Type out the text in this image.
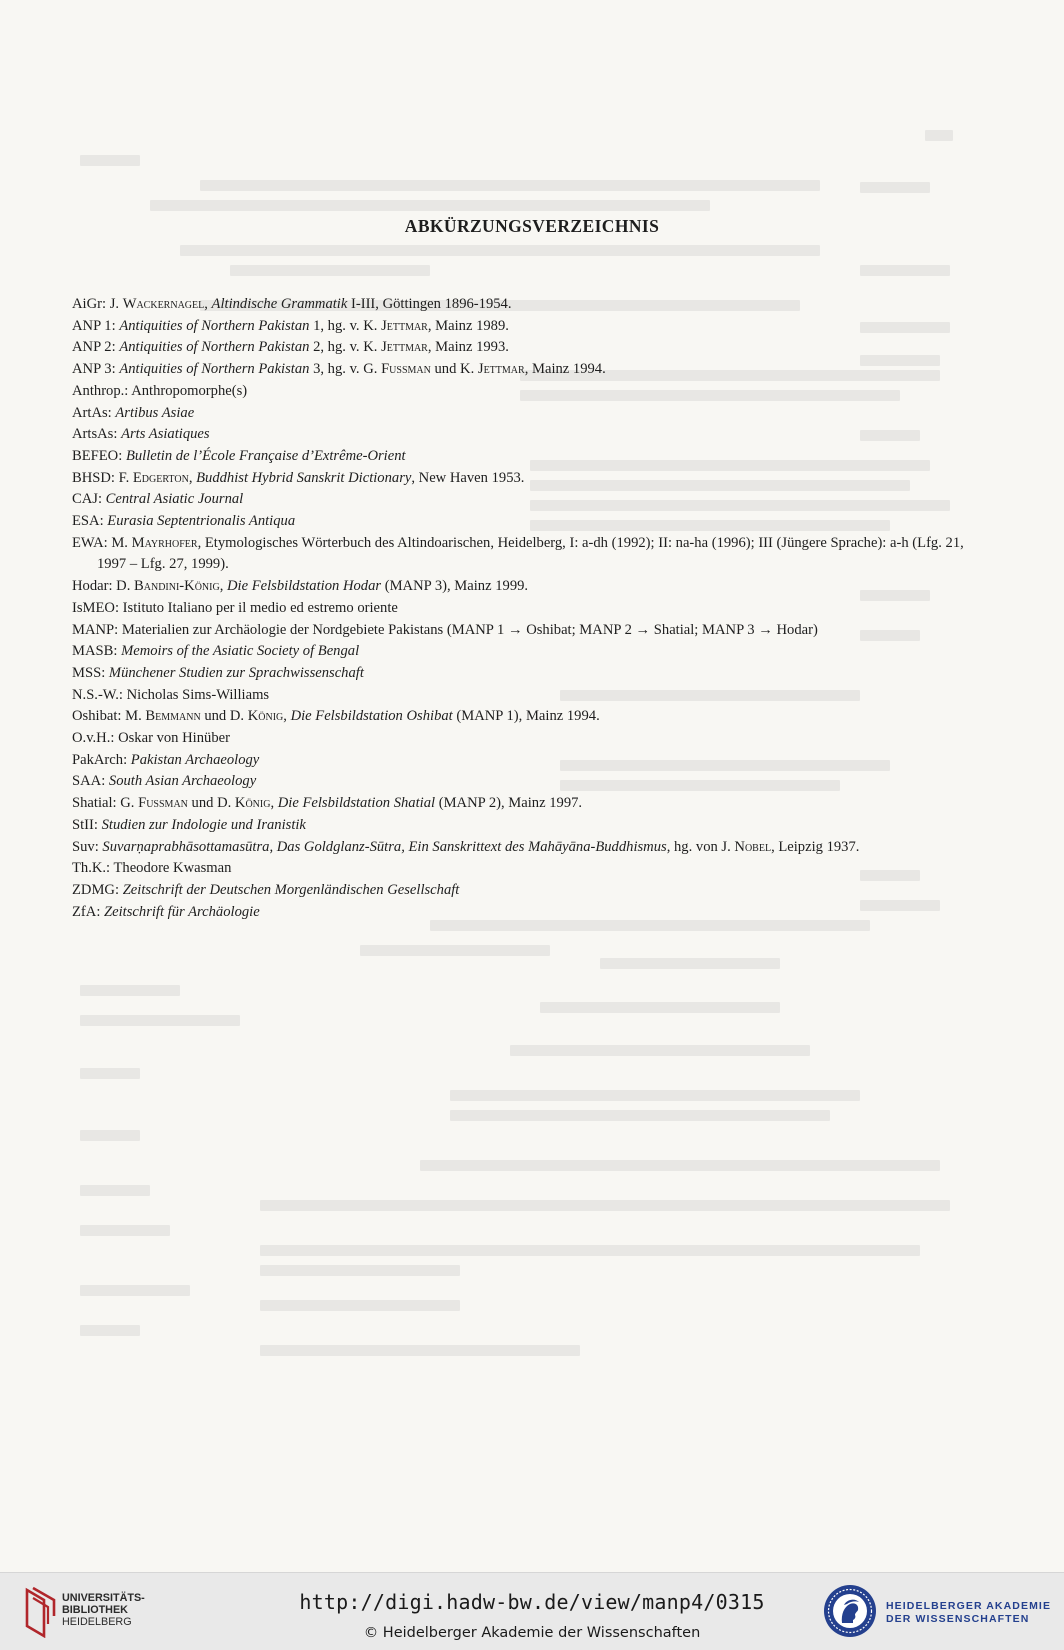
ABKÜRZUNGSVERZEICHNIS
AiGr: J. Wackernagel, Altindische Grammatik I-III, Göttingen 1896-1954.
ANP 1: Antiquities of Northern Pakistan 1, hg. v. K. Jettmar, Mainz 1989.
ANP 2: Antiquities of Northern Pakistan 2, hg. v. K. Jettmar, Mainz 1993.
ANP 3: Antiquities of Northern Pakistan 3, hg. v. G. Fussman und K. Jettmar, Mainz 1994.
Anthrop.: Anthropomorphe(s)
ArtAs: Artibus Asiae
ArtsAs: Arts Asiatiques
BEFEO: Bulletin de l’École Française d’Extrême-Orient
BHSD: F. Edgerton, Buddhist Hybrid Sanskrit Dictionary, New Haven 1953.
CAJ: Central Asiatic Journal
ESA: Eurasia Septentrionalis Antiqua
EWA: M. Mayrhofer, Etymologisches Wörterbuch des Altindoarischen, Heidelberg, I: a-dh (1992); II: na-ha (1996); III (Jüngere Sprache): a-h (Lfg. 21, 1997 – Lfg. 27, 1999).
Hodar: D. Bandini-König, Die Felsbildstation Hodar (MANP 3), Mainz 1999.
IsMEO: Istituto Italiano per il medio ed estremo oriente
MANP: Materialien zur Archäologie der Nordgebiete Pakistans (MANP 1 → Oshibat; MANP 2 → Shatial; MANP 3 → Hodar)
MASB: Memoirs of the Asiatic Society of Bengal
MSS: Münchener Studien zur Sprachwissenschaft
N.S.-W.: Nicholas Sims-Williams
Oshibat: M. Bemmann und D. König, Die Felsbildstation Oshibat (MANP 1), Mainz 1994.
O.v.H.: Oskar von Hinüber
PakArch: Pakistan Archaeology
SAA: South Asian Archaeology
Shatial: G. Fussman und D. König, Die Felsbildstation Shatial (MANP 2), Mainz 1997.
StII: Studien zur Indologie und Iranistik
Suv: Suvarṇaprabhāsottamasūtra, Das Goldglanz-Sūtra, Ein Sanskrittext des Mahāyāna-Buddhismus, hg. von J. Nobel, Leipzig 1937.
Th.K.: Theodore Kwasman
ZDMG: Zeitschrift der Deutschen Morgenländischen Gesellschaft
ZfA: Zeitschrift für Archäologie
UNIVERSITÄTS-
BIBLIOTHEK
HEIDELBERG
http://digi.hadw-bw.de/view/manp4/0315
© Heidelberger Akademie der Wissenschaften
HEIDELBERGER AKADEMIE
DER WISSENSCHAFTEN
